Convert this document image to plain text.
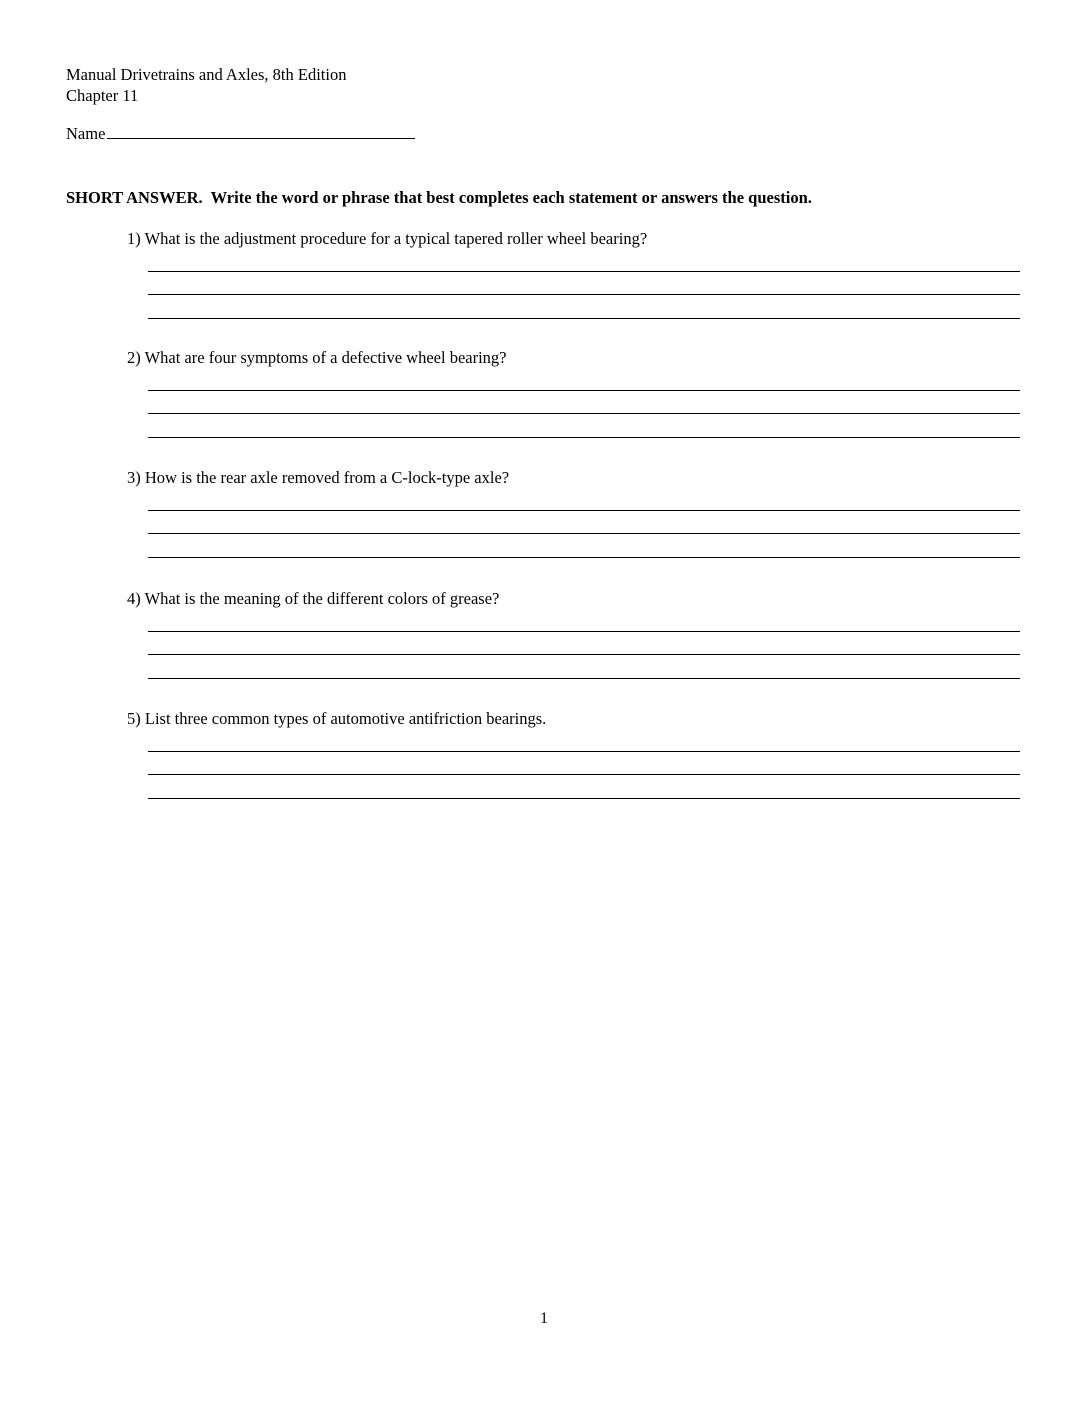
Manual Drivetrains and Axles, 8th Edition
Chapter 11
Name
SHORT ANSWER.  Write the word or phrase that best completes each statement or answers the question.
1) What is the adjustment procedure for a typical tapered roller wheel bearing?
2) What are four symptoms of a defective wheel bearing?
3) How is the rear axle removed from a C-lock-type axle?
4) What is the meaning of the different colors of grease?
5) List three common types of automotive antifriction bearings.
1
